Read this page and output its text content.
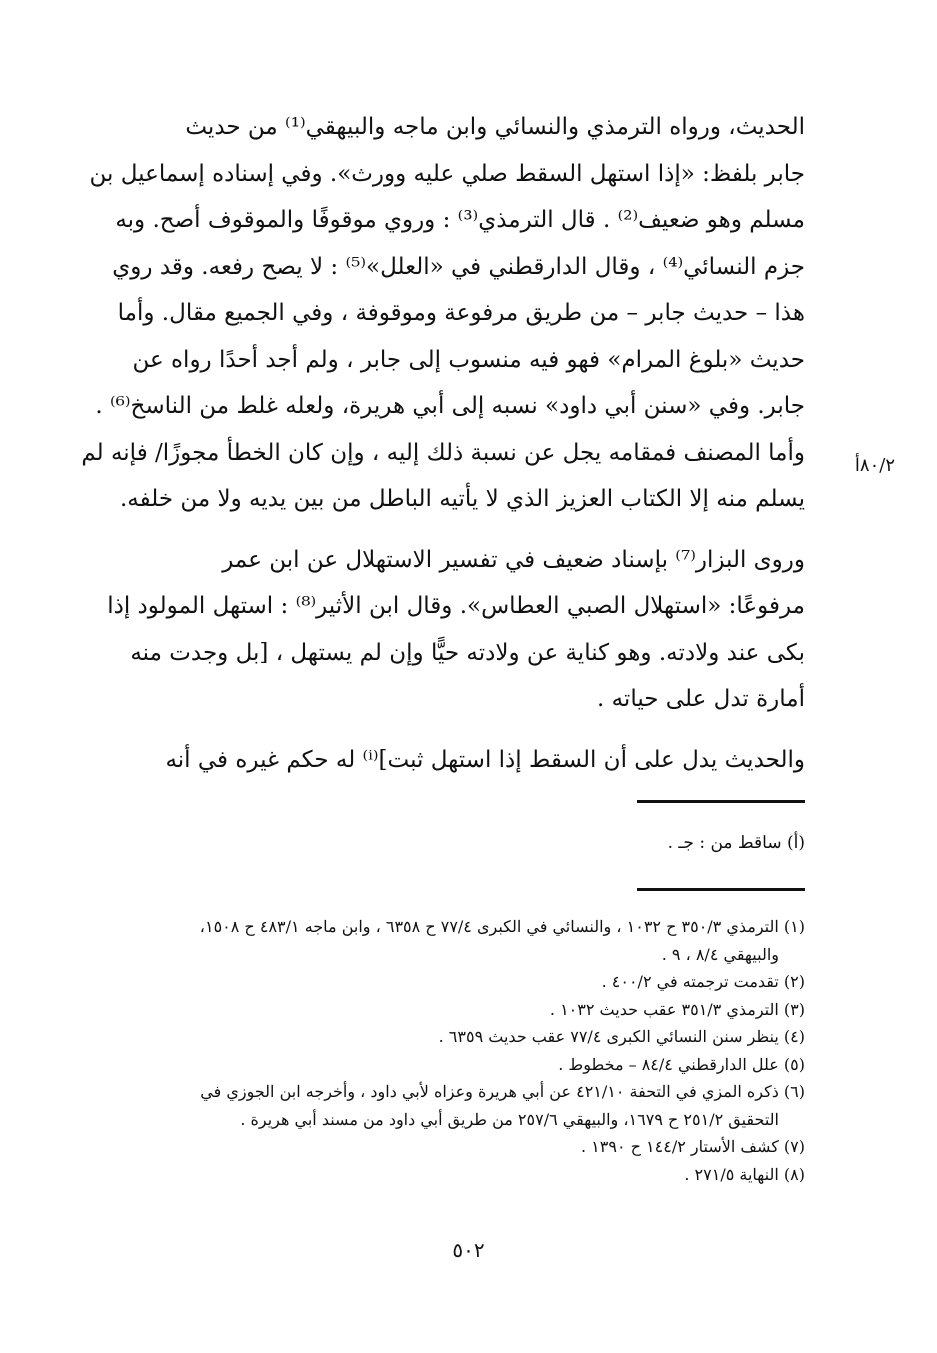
الحديث، ورواه الترمذي والنسائي وابن ماجه والبيهقي⁽¹⁾ من حديث
جابر بلفظ: «إذا استهل السقط صلي عليه وورث». وفي إسناده إسماعيل بن
مسلم وهو ضعيف⁽²⁾ . قال الترمذي⁽³⁾ : وروي موقوفًا والموقوف أصح. وبه
جزم النسائي⁽⁴⁾ ، وقال الدارقطني في «العلل»⁽⁵⁾ : لا يصح رفعه. وقد روي
هذا – حديث جابر – من طريق مرفوعة وموقوفة ، وفي الجميع مقال. وأما
حديث «بلوغ المرام» فهو فيه منسوب إلى جابر ، ولم أجد أحدًا رواه عن
جابر. وفي «سنن أبي داود» نسبه إلى أبي هريرة، ولعله غلط من الناسخ⁽⁶⁾ .
وأما المصنف فمقامه يجل عن نسبة ذلك إليه ، وإن كان الخطأ مجوزًا/ فإنه لم
يسلم منه إلا الكتاب العزيز الذي لا يأتيه الباطل من بين يديه ولا من خلفه.
وروى البزار⁽⁷⁾ بإسناد ضعيف في تفسير الاستهلال عن ابن عمر
مرفوعًا: «استهلال الصبي العطاس». وقال ابن الأثير⁽⁸⁾ : استهل المولود إذا
بكى عند ولادته. وهو كناية عن ولادته حيًّا وإن لم يستهل ، [بل وجدت منه
أمارة تدل على حياته .
والحديث يدل على أن السقط إذا استهل ثبت]⁽ⁱ⁾ له حكم غيره في أنه
٨٠/٢أ
(أ) ساقط من : جـ .
(١) الترمذي ٣٥٠/٣ ح ١٠٣٢ ، والنسائي في الكبرى ٧٧/٤ ح ٦٣٥٨ ، وابن ماجه ٤٨٣/١ ح ١٥٠٨،
والبيهقي ٨/٤ ، ٩ .
(٢) تقدمت ترجمته في ٤٠٠/٢ .
(٣) الترمذي ٣٥١/٣ عقب حديث ١٠٣٢ .
(٤) ينظر سنن النسائي الكبرى ٧٧/٤ عقب حديث ٦٣٥٩ .
(٥) علل الدارقطني ٨٤/٤ – مخطوط .
(٦) ذكره المزي في التحفة ٤٢١/١٠ عن أبي هريرة وعزاه لأبي داود ، وأخرجه ابن الجوزي في
التحقيق ٢٥١/٢ ح ١٦٧٩، والبيهقي ٢٥٧/٦ من طريق أبي داود من مسند أبي هريرة .
(٧) كشف الأستار ١٤٤/٢ ح ١٣٩٠ .
(٨) النهاية ٢٧١/٥ .
٥٠٢
